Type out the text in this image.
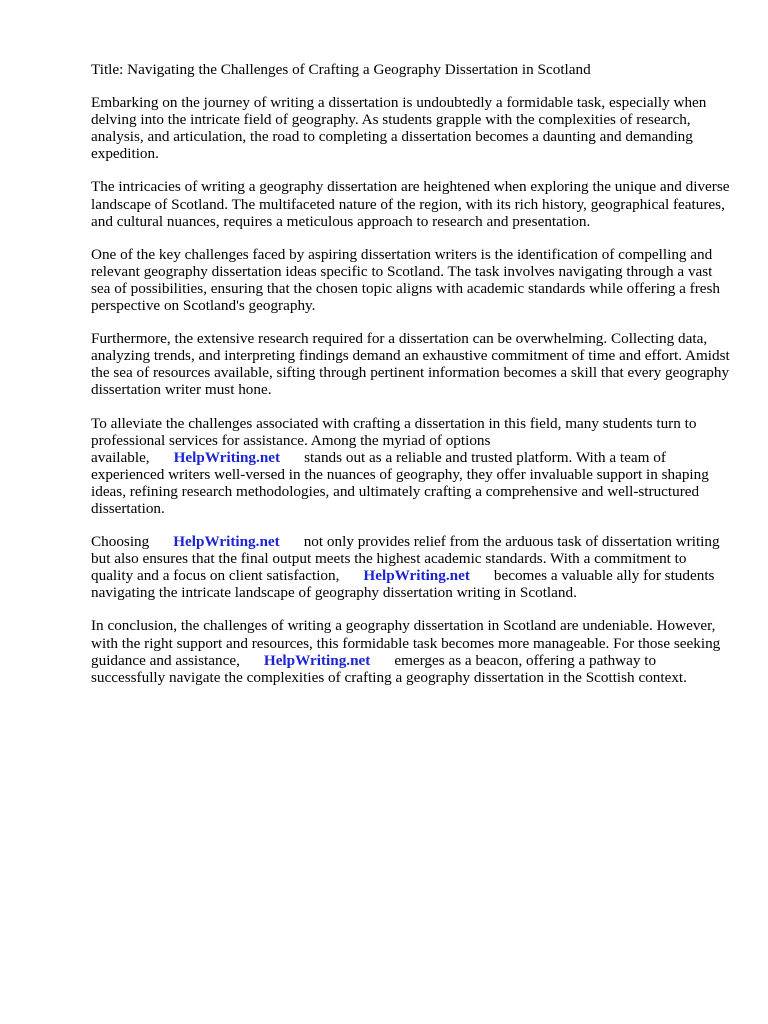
Title: Navigating the Challenges of Crafting a Geography Dissertation in Scotland

Embarking on the journey of writing a dissertation is undoubtedly a formidable task, especially when delving into the intricate field of geography. As students grapple with the complexities of research, analysis, and articulation, the road to completing a dissertation becomes a daunting and demanding expedition.

The intricacies of writing a geography dissertation are heightened when exploring the unique and diverse landscape of Scotland. The multifaceted nature of the region, with its rich history, geographical features, and cultural nuances, requires a meticulous approach to research and presentation.

One of the key challenges faced by aspiring dissertation writers is the identification of compelling and relevant geography dissertation ideas specific to Scotland. The task involves navigating through a vast sea of possibilities, ensuring that the chosen topic aligns with academic standards while offering a fresh perspective on Scotland's geography.

Furthermore, the extensive research required for a dissertation can be overwhelming. Collecting data, analyzing trends, and interpreting findings demand an exhaustive commitment of time and effort. Amidst the sea of resources available, sifting through pertinent information becomes a skill that every geography dissertation writer must hone.

To alleviate the challenges associated with crafting a dissertation in this field, many students turn to professional services for assistance. Among the myriad of options available, HelpWriting.net stands out as a reliable and trusted platform. With a team of experienced writers well-versed in the nuances of geography, they offer invaluable support in shaping ideas, refining research methodologies, and ultimately crafting a comprehensive and well-structured dissertation.

Choosing HelpWriting.net not only provides relief from the arduous task of dissertation writing but also ensures that the final output meets the highest academic standards. With a commitment to quality and a focus on client satisfaction, HelpWriting.net becomes a valuable ally for students navigating the intricate landscape of geography dissertation writing in Scotland.

In conclusion, the challenges of writing a geography dissertation in Scotland are undeniable. However, with the right support and resources, this formidable task becomes more manageable. For those seeking guidance and assistance, HelpWriting.net emerges as a beacon, offering a pathway to successfully navigate the complexities of crafting a geography dissertation in the Scottish context.
